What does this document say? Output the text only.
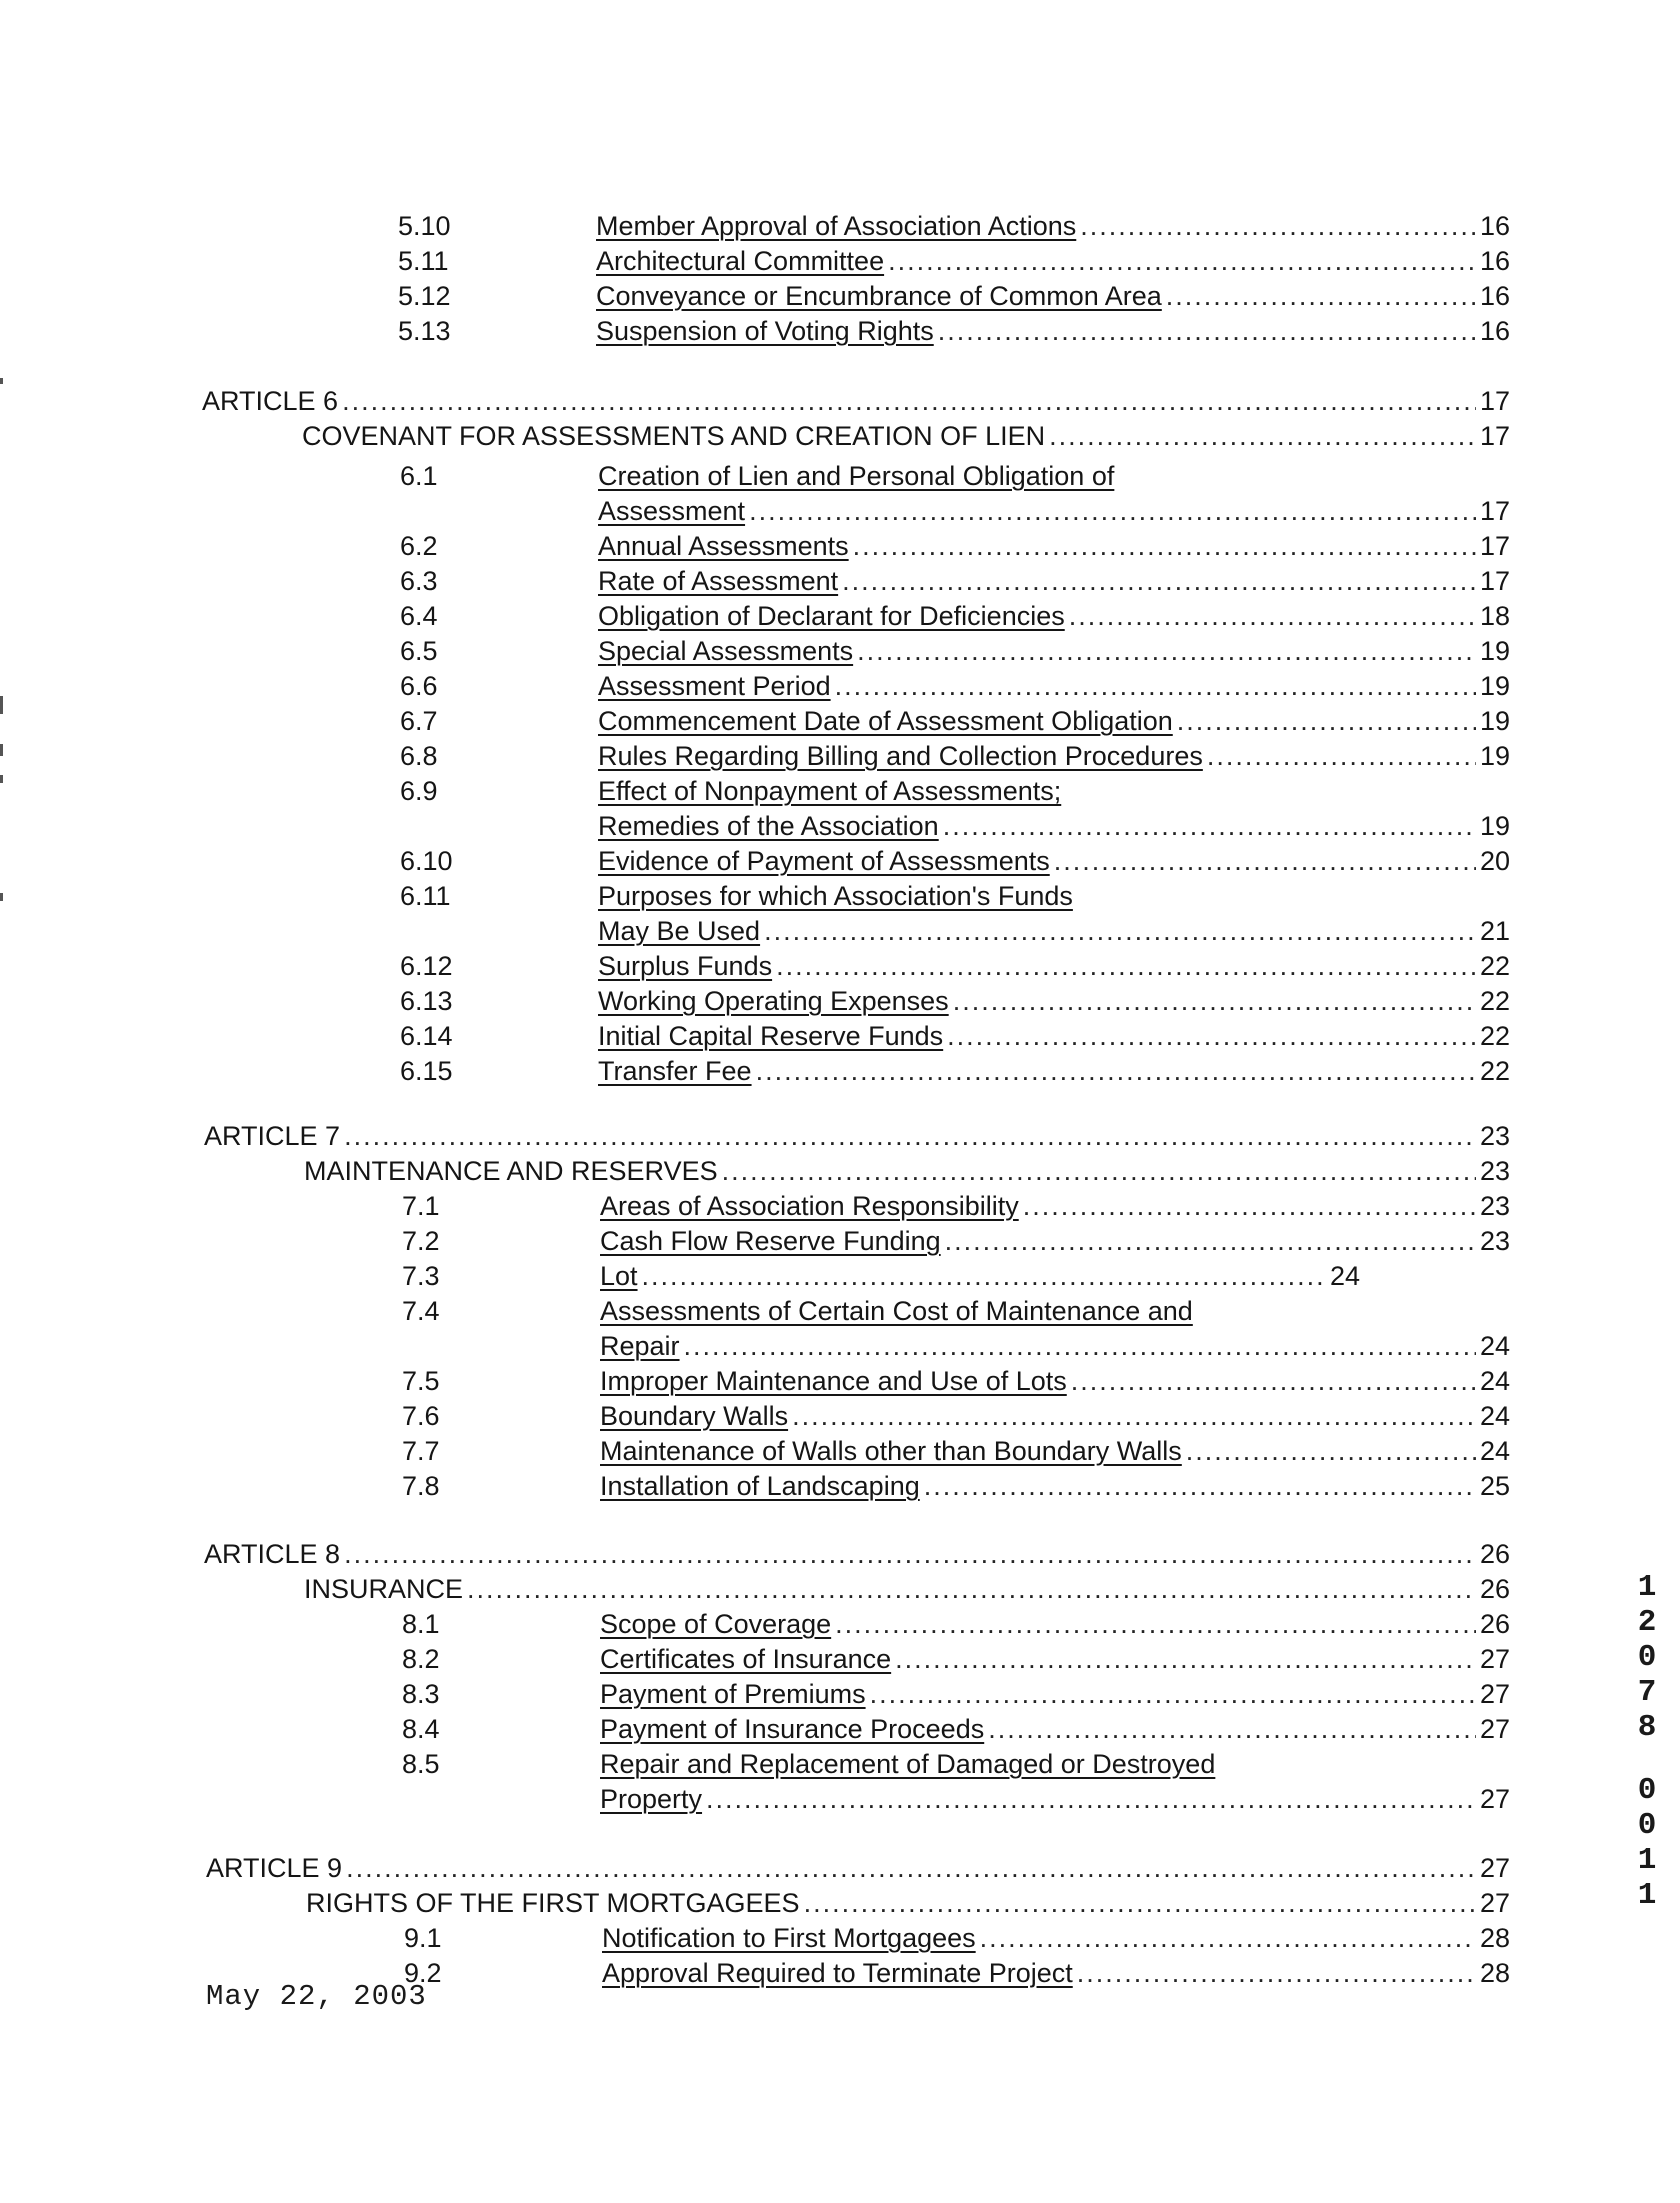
5.10	Member Approval of Association Actions .....	16
5.11	Architectural Committee .....	16
5.12	Conveyance or Encumbrance of Common Area .....	16
5.13	Suspension of Voting Rights .....	16
ARTICLE 6 .....	17
COVENANT FOR ASSESSMENTS AND CREATION OF LIEN .....	17
6.1	Creation of Lien and Personal Obligation of
Assessment .....	17
6.2	Annual Assessments .....	17
6.3	Rate of Assessment .....	17
6.4	Obligation of Declarant for Deficiencies .....	18
6.5	Special Assessments .....	19
6.6	Assessment Period .....	19
6.7	Commencement Date of Assessment Obligation .....	19
6.8	Rules Regarding Billing and Collection Procedures .....	19
6.9	Effect of Nonpayment of Assessments;
Remedies of the Association .....	19
6.10	Evidence of Payment of Assessments .....	20
6.11	Purposes for which Association's Funds
May Be Used .....	21
6.12	Surplus Funds .....	22
6.13	Working Operating Expenses .....	22
6.14	Initial Capital Reserve Funds .....	22
6.15	Transfer Fee .....	22
ARTICLE 7 .....	23
MAINTENANCE AND RESERVES .....	23
7.1	Areas of Association Responsibility .....	23
7.2	Cash Flow Reserve Funding .....	23
7.3	Lot .....	24
7.4	Assessments of Certain Cost of Maintenance and
Repair .....	24
7.5	Improper Maintenance and Use of Lots .....	24
7.6	Boundary Walls .....	24
7.7	Maintenance of Walls other than Boundary Walls .....	24
7.8	Installation of Landscaping .....	25
ARTICLE 8 .....	26
INSURANCE .....	26
8.1	Scope of Coverage .....	26
8.2	Certificates of Insurance .....	27
8.3	Payment of Premiums .....	27
8.4	Payment of Insurance Proceeds .....	27
8.5	Repair and Replacement of Damaged or Destroyed
Property .....	27
ARTICLE 9 .....	27
RIGHTS OF THE FIRST MORTGAGEES .....	27
9.1	Notification to First Mortgagees .....	28
9.2	Approval Required to Terminate Project .....	28
May 22, 2003
1
2
0
7
8
0
0
1
1
